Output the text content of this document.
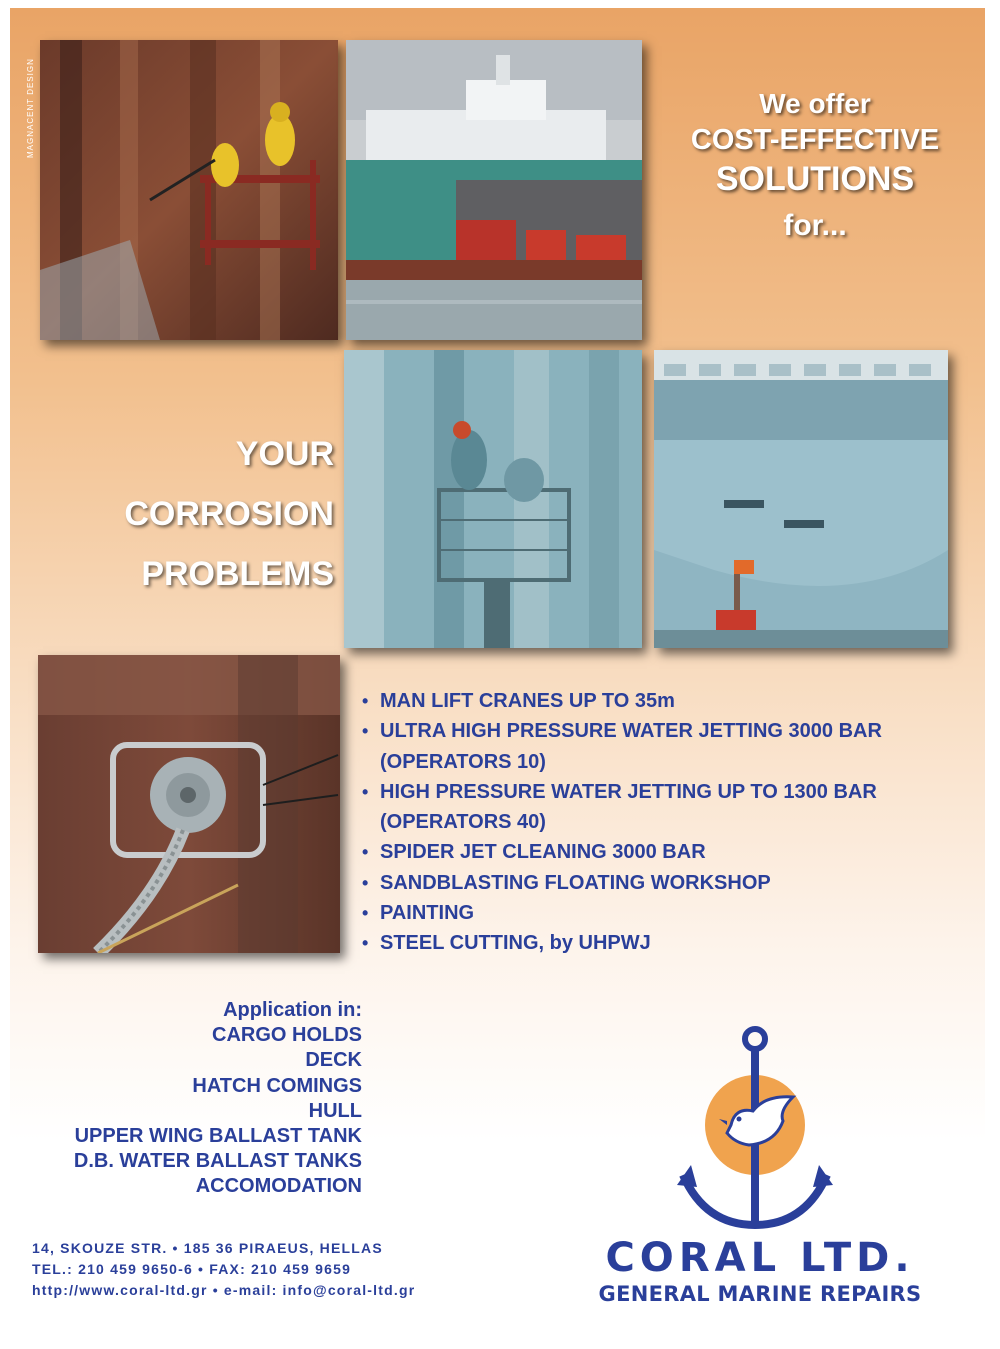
MAGNACENT DESIGN	We offer
COST-EFFECTIVE
SOLUTIONS
for...
YOUR
CORROSION
PROBLEMS
• MAN LIFT CRANES UP TO 35m
• ULTRA HIGH PRESSURE WATER JETTING 3000 BAR
(OPERATORS 10)
• HIGH PRESSURE WATER JETTING UP TO 1300 BAR
(OPERATORS 40)
• SPIDER JET CLEANING 3000 BAR
• SANDBLASTING FLOATING WORKSHOP
• PAINTING
• STEEL CUTTING, by UHPWJ
Application in:
CARGO HOLDS
DECK
HATCH COMINGS
HULL
UPPER WING BALLAST TANK
D.B. WATER BALLAST TANKS
ACCOMODATION
14, SKOUZE STR. • 185 36 PIRAEUS, HELLAS
TEL.: 210 459 9650-6 • FAX: 210 459 9659
http://www.coral-ltd.gr • e-mail: info@coral-ltd.gr
CORAL LTD.
GENERAL MARINE REPAIRS
